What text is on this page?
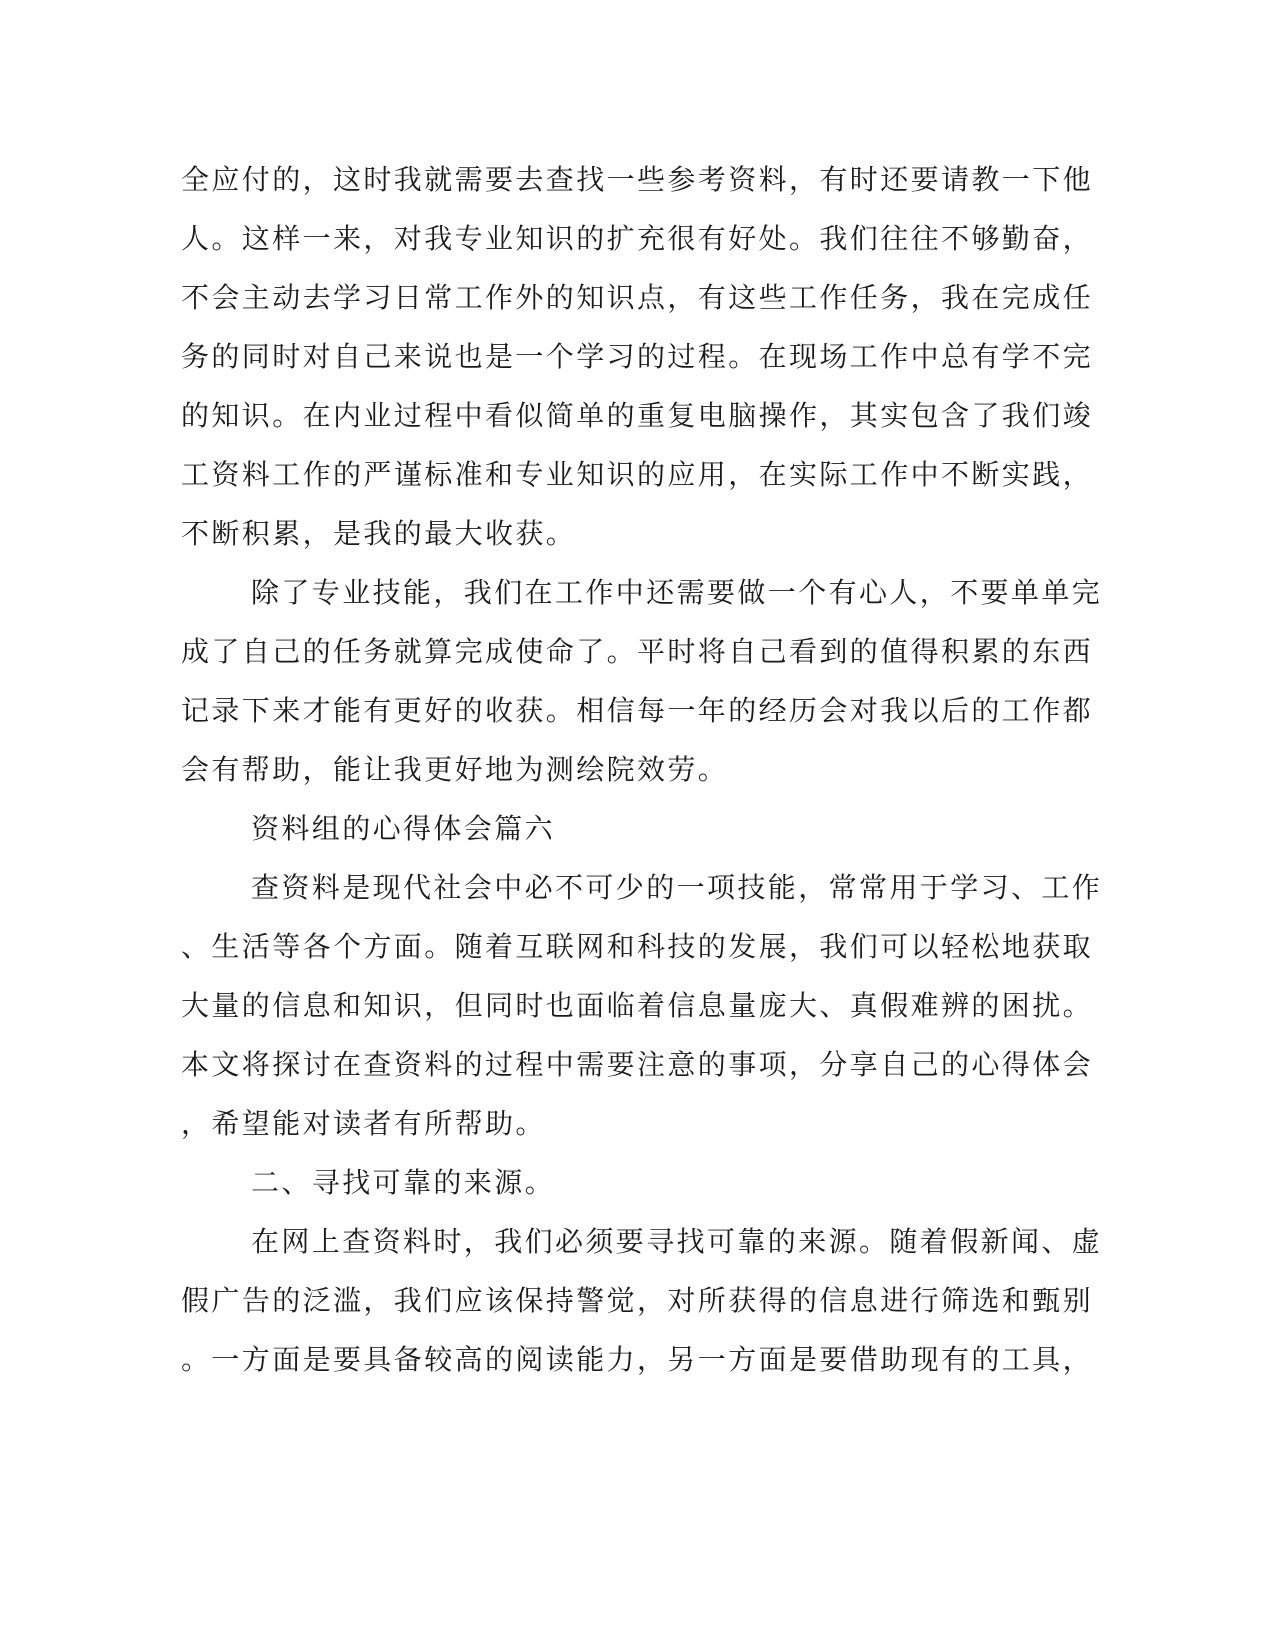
全应付的，这时我就需要去查找一些参考资料，有时还要请教一下他
人。这样一来，对我专业知识的扩充很有好处。我们往往不够勤奋，
不会主动去学习日常工作外的知识点，有这些工作任务，我在完成任
务的同时对自己来说也是一个学习的过程。在现场工作中总有学不完
的知识。在内业过程中看似简单的重复电脑操作，其实包含了我们竣
工资料工作的严谨标准和专业知识的应用，在实际工作中不断实践，
不断积累，是我的最大收获。
除了专业技能，我们在工作中还需要做一个有心人，不要单单完
成了自己的任务就算完成使命了。平时将自己看到的值得积累的东西
记录下来才能有更好的收获。相信每一年的经历会对我以后的工作都
会有帮助，能让我更好地为测绘院效劳。
资料组的心得体会篇六
查资料是现代社会中必不可少的一项技能，常常用于学习、工作
、生活等各个方面。随着互联网和科技的发展，我们可以轻松地获取
大量的信息和知识，但同时也面临着信息量庞大、真假难辨的困扰。
本文将探讨在查资料的过程中需要注意的事项，分享自己的心得体会
，希望能对读者有所帮助。
二、寻找可靠的来源。
在网上查资料时，我们必须要寻找可靠的来源。随着假新闻、虚
假广告的泛滥，我们应该保持警觉，对所获得的信息进行筛选和甄别
。一方面是要具备较高的阅读能力，另一方面是要借助现有的工具，
